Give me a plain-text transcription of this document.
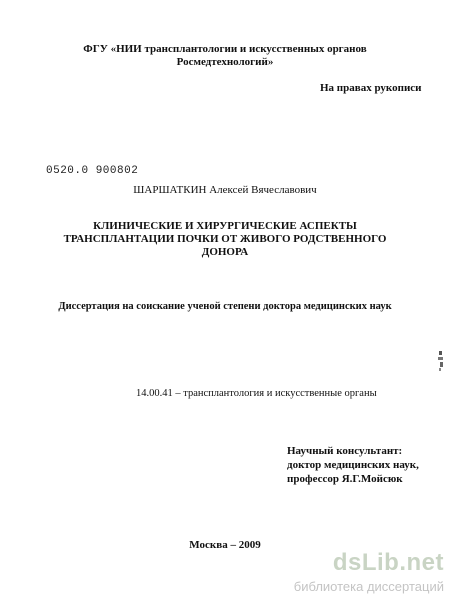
ФГУ «НИИ трансплантологии и искусственных органов
Росмедтехнологий»
На правах рукописи
0520.0 900802
ШАРШАТКИН Алексей Вячеславович
КЛИНИЧЕСКИЕ И ХИРУРГИЧЕСКИЕ АСПЕКТЫ
ТРАНСПЛАНТАЦИИ ПОЧКИ ОТ ЖИВОГО РОДСТВЕННОГО
ДОНОРА
Диссертация на соискание ученой степени доктора медицинских наук
14.00.41 – трансплантология и искусственные органы
Научный консультант:
доктор медицинских наук,
профессор Я.Г.Мойсюк
Москва – 2009
dsLib.net
библиотека диссертаций
